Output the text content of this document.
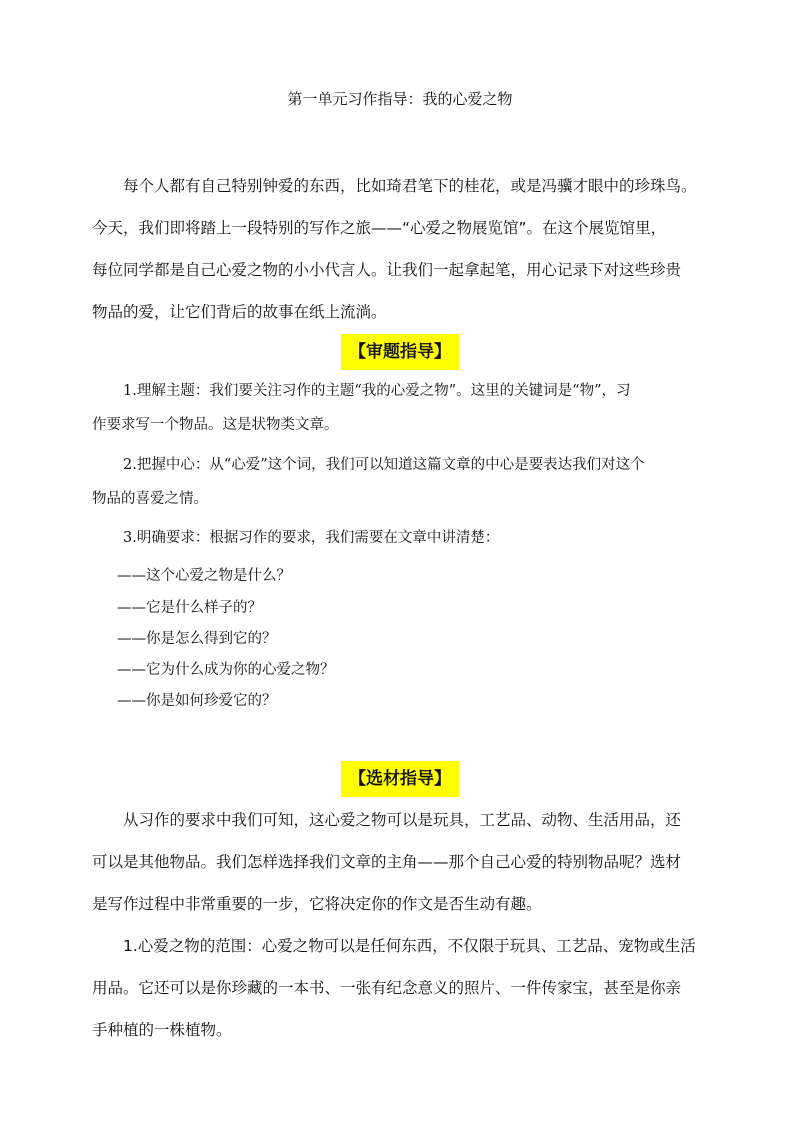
第一单元习作指导：我的心爱之物
每个人都有自己特别钟爱的东西，比如琦君笔下的桂花，或是冯骥才眼中的珍珠鸟。
今天，我们即将踏上一段特别的写作之旅——“心爱之物展览馆”。在这个展览馆里，
每位同学都是自己心爱之物的小小代言人。让我们一起拿起笔，用心记录下对这些珍贵
物品的爱，让它们背后的故事在纸上流淌。
【审题指导】
1.理解主题：我们要关注习作的主题“我的心爱之物”。这里的关键词是“物”，习
作要求写一个物品。这是状物类文章。
2.把握中心：从“心爱”这个词，我们可以知道这篇文章的中心是要表达我们对这个
物品的喜爱之情。
3.明确要求：根据习作的要求，我们需要在文章中讲清楚：
——这个心爱之物是什么？
——它是什么样子的？
——你是怎么得到它的？
——它为什么成为你的心爱之物？
——你是如何珍爱它的？
【选材指导】
从习作的要求中我们可知，这心爱之物可以是玩具，工艺品、动物、生活用品，还
可以是其他物品。我们怎样选择我们文章的主角——那个自己心爱的特别物品呢？选材
是写作过程中非常重要的一步，它将决定你的作文是否生动有趣。
1.心爱之物的范围：心爱之物可以是任何东西，不仅限于玩具、工艺品、宠物或生活
用品。它还可以是你珍藏的一本书、一张有纪念意义的照片、一件传家宝，甚至是你亲
手种植的一株植物。
